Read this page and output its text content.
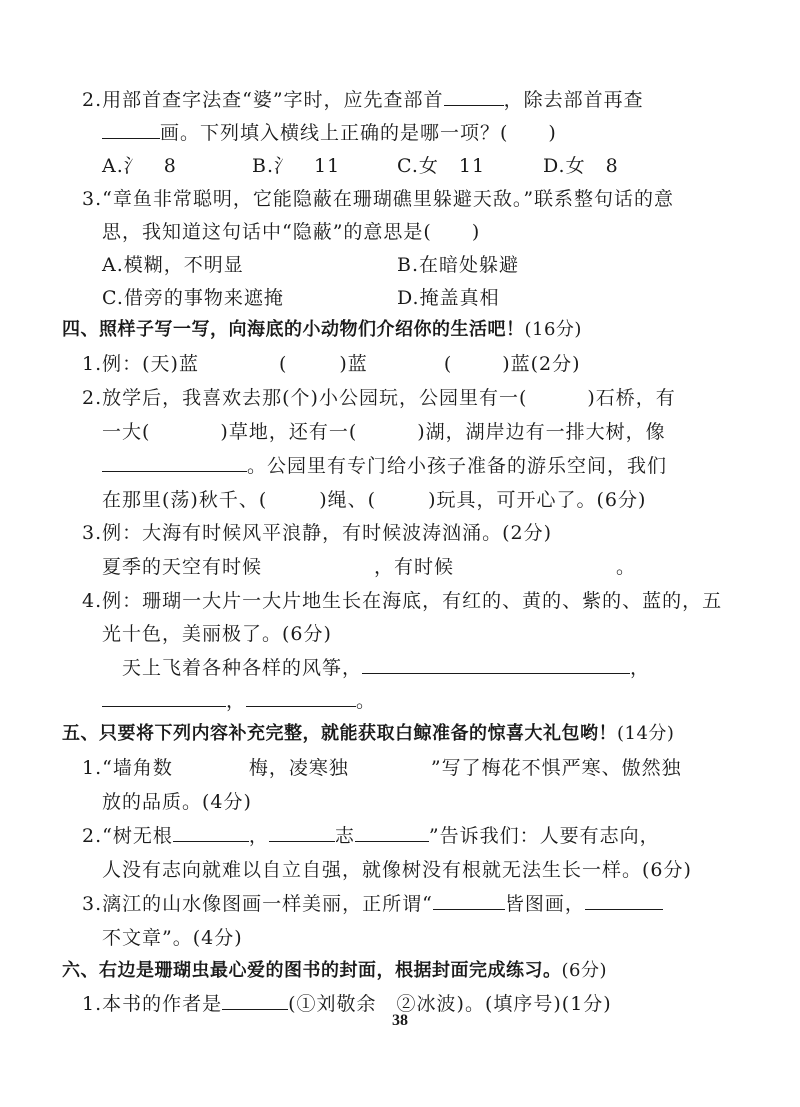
2.用部首查字法查“婆”字时，应先查部首	，除去部首再查
画。下列填入横线上正确的是哪一项？(　　)
A.氵　8	B.氵　11	C.女　11	D.女　8
3.“章鱼非常聪明，它能隐蔽在珊瑚礁里躲避天敌。”联系整句话的意
思，我知道这句话中“隐蔽”的意思是(　　)
A.模糊，不明显	B.在暗处躲避
C.借旁的事物来遮掩	D.掩盖真相
四、照样子写一写，向海底的小动物们介绍你的生活吧！(16分)
1.例：(天)蓝	(	)蓝	(	)蓝(2分)
2.放学后，我喜欢去那(个)小公园玩，公园里有一(　　　)石桥，有
一大(	)草地，还有一(	)湖，湖岸边有一排大树，像
。公园里有专门给小孩子准备的游乐空间，我们
在那里(荡)秋千、(	)绳、(	)玩具，可开心了。(6分)
3.例：大海有时候风平浪静，有时候波涛汹涌。(2分)
夏季的天空有时候	，有时候	。
4.例：珊瑚一大片一大片地生长在海底，有红的、黄的、紫的、蓝的，五
光十色，美丽极了。(6分)
天上飞着各种各样的风筝，	，
，	。
五、只要将下列内容补充完整，就能获取白鲸准备的惊喜大礼包哟！(14分)
1.“墙角数	梅，凌寒独	”写了梅花不惧严寒、傲然独
放的品质。(4分)
2.“树无根	，	志	”告诉我们：人要有志向，
人没有志向就难以自立自强，就像树没有根就无法生长一样。(6分)
3.漓江的山水像图画一样美丽，正所谓“	皆图画，
不文章”。(4分)
六、右边是珊瑚虫最心爱的图书的封面，根据封面完成练习。(6分)
1.本书的作者是	(①刘敬余　②冰波)。(填序号)(1分)
38
